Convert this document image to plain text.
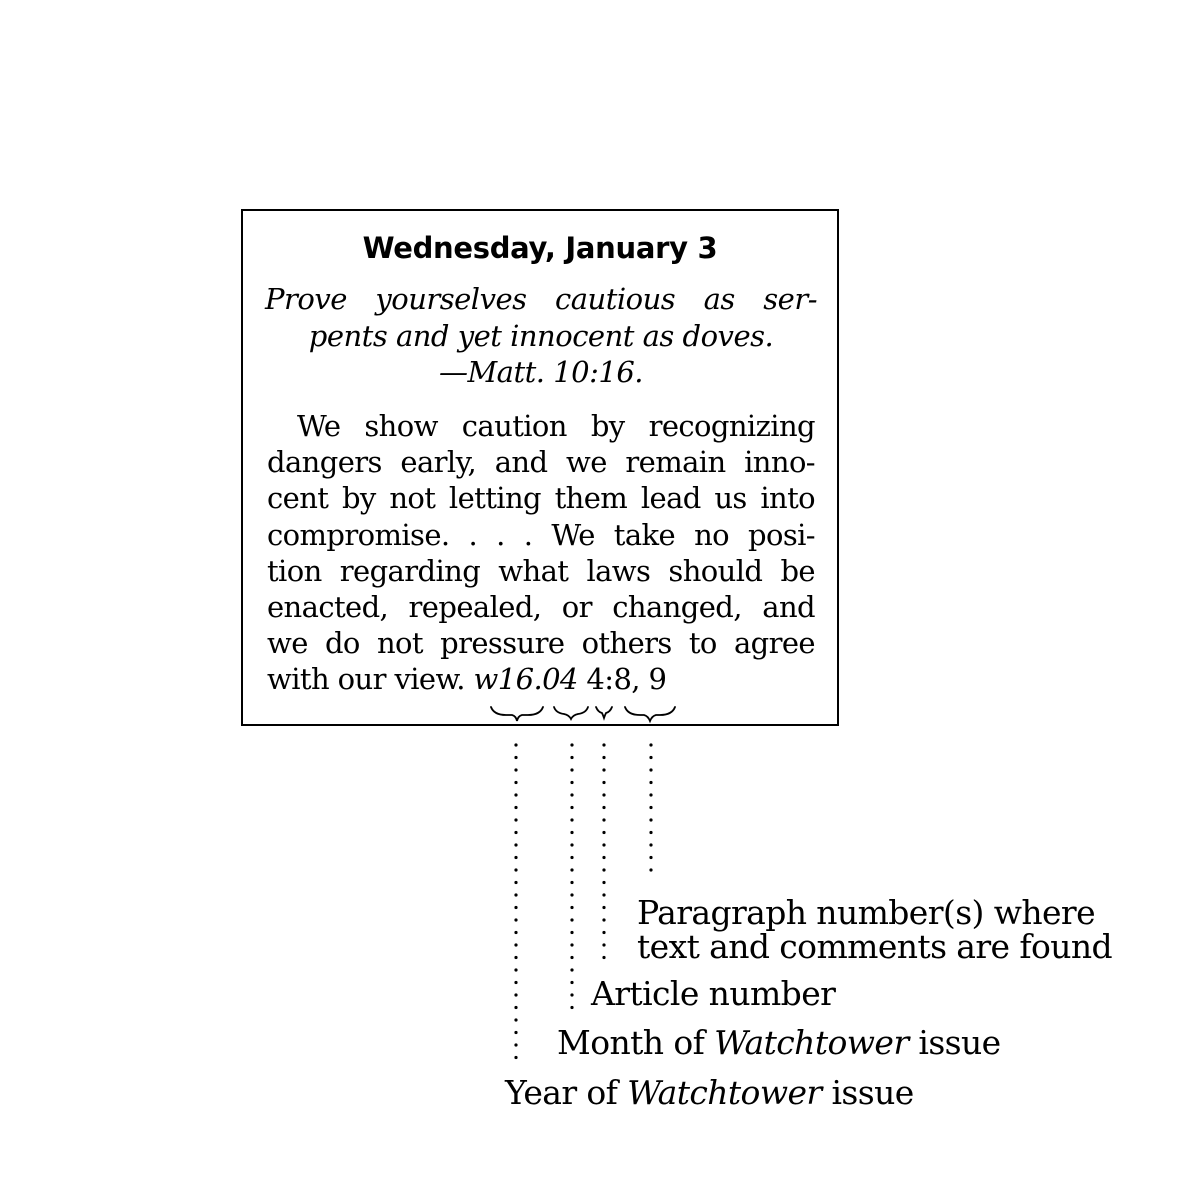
Wednesday, January 3
Prove yourselves cautious as ser-
pents and yet innocent as doves.
—Matt. 10:16.
We show caution by recognizing
dangers early, and we remain inno-
cent by not letting them lead us into
compromise. . . . We take no posi-
tion regarding what laws should be
enacted, repealed, or changed, and
we do not pressure others to agree
with our view. w16.04 4:8, 9
Paragraph number(s) where
text and comments are found
Article number
Month of Watchtower issue
Year of Watchtower issue
